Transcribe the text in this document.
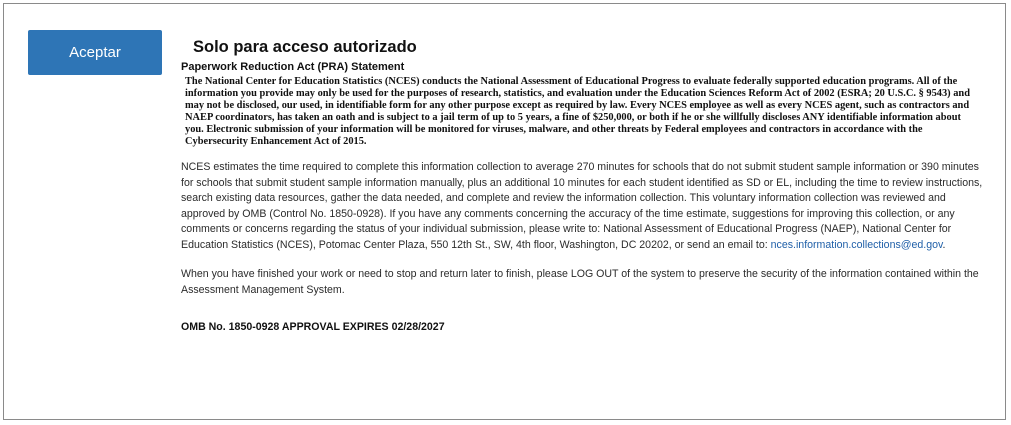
Aceptar	Solo para acceso autorizado
Paperwork Reduction Act (PRA) Statement

The National Center for Education Statistics (NCES) conducts the National Assessment of Educational Progress to evaluate federally supported education programs. All of the information you provide may only be used for the purposes of research, statistics, and evaluation under the Education Sciences Reform Act of 2002 (ESRA; 20 U.S.C. § 9543) and may not be disclosed, our used, in identifiable form for any other purpose except as required by law. Every NCES employee as well as every NCES agent, such as contractors and NAEP coordinators, has taken an oath and is subject to a jail term of up to 5 years, a fine of $250,000, or both if he or she willfully discloses ANY identifiable information about you. Electronic submission of your information will be monitored for viruses, malware, and other threats by Federal employees and contractors in accordance with the Cybersecurity Enhancement Act of 2015.

NCES estimates the time required to complete this information collection to average 270 minutes for schools that do not submit student sample information or 390 minutes for schools that submit student sample information manually, plus an additional 10 minutes for each student identified as SD or EL, including the time to review instructions, search existing data resources, gather the data needed, and complete and review the information collection. This voluntary information collection was reviewed and approved by OMB (Control No. 1850-0928). If you have any comments concerning the accuracy of the time estimate, suggestions for improving this collection, or any comments or concerns regarding the status of your individual submission, please write to: National Assessment of Educational Progress (NAEP), National Center for Education Statistics (NCES), Potomac Center Plaza, 550 12th St., SW, 4th floor, Washington, DC 20202, or send an email to: nces.information.collections@ed.gov.

When you have finished your work or need to stop and return later to finish, please LOG OUT of the system to preserve the security of the information contained within the Assessment Management System.

OMB No. 1850-0928 APPROVAL EXPIRES 02/28/2027
